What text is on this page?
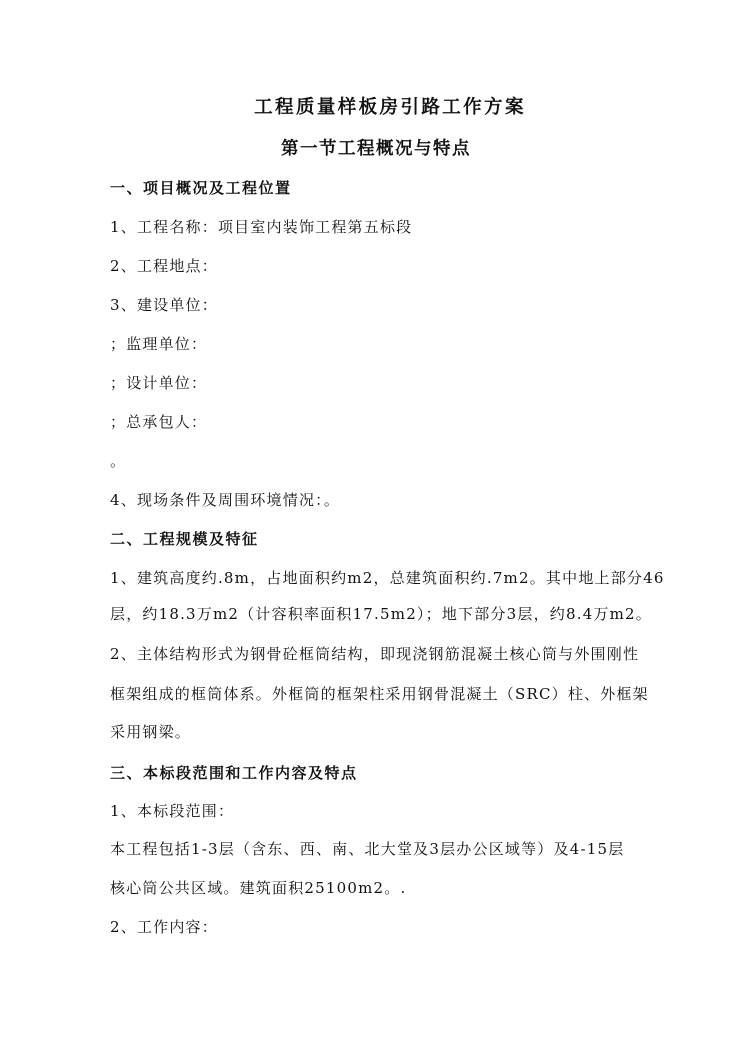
工程质量样板房引路工作方案
第一节工程概况与特点
一、项目概况及工程位置
1、工程名称：项目室内装饰工程第五标段
2、工程地点：
3、建设单位：
；监理单位：
；设计单位：
；总承包人：
。
4、现场条件及周围环境情况：。
二、工程规模及特征
1、建筑高度约.8m，占地面积约m2，总建筑面积约.7m2。其中地上部分46
层，约18.3万m2（计容积率面积17.5m2）；地下部分3层，约8.4万m2。
2、主体结构形式为钢骨砼框筒结构，即现浇钢筋混凝土核心筒与外围刚性
框架组成的框筒体系。外框筒的框架柱采用钢骨混凝土（SRC）柱、外框架
采用钢梁。
三、本标段范围和工作内容及特点
1、本标段范围：
本工程包括1-3层（含东、西、南、北大堂及3层办公区域等）及4-15层
核心筒公共区域。建筑面积25100m2。.
2、工作内容：
